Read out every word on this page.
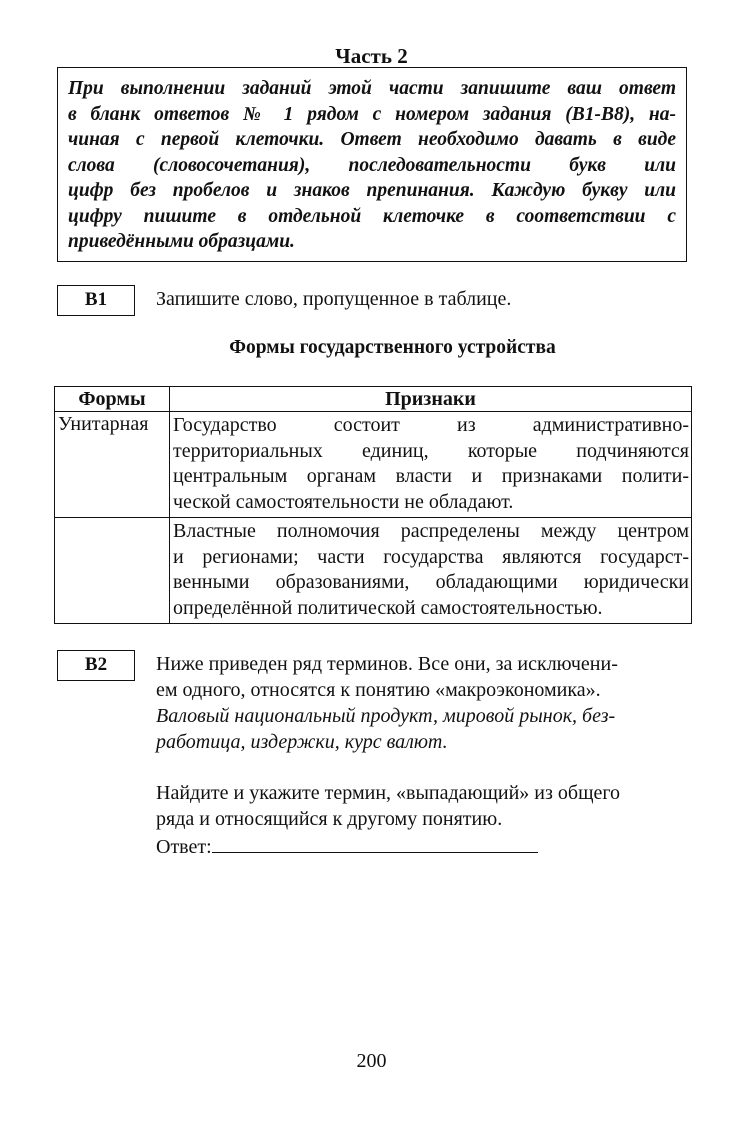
Часть 2
При выполнении заданий этой части запишите ваш ответ
в бланк ответов № 1 рядом с номером задания (В1-В8), на-
чиная с первой клеточки. Ответ необходимо давать в виде
слова (словосочетания), последовательности букв или
цифр без пробелов и знаков препинания. Каждую букву или
цифру пишите в отдельной клеточке в соответствии с
приведёнными образцами.
В1	Запишите слово, пропущенное в таблице.
Формы государственного устройства
Формы	Признаки
Унитарная	Государство состоит из административно-
территориальных единиц, которые подчиняются
центральным органам власти и признаками полити-
ческой самостоятельности не обладают.

	Властные полномочия распределены между центром
и регионами; части государства являются государст-
венными образованиями, обладающими юридически
определённой политической самостоятельностью.
В2	Ниже приведен ряд терминов. Все они, за исключени-
ем одного, относятся к понятию «макроэкономика».
Валовый национальный продукт, мировой рынок, без-
работица, издержки, курс валют.
Найдите и укажите термин, «выпадающий» из общего
ряда и относящийся к другому понятию.
Ответ:
200
